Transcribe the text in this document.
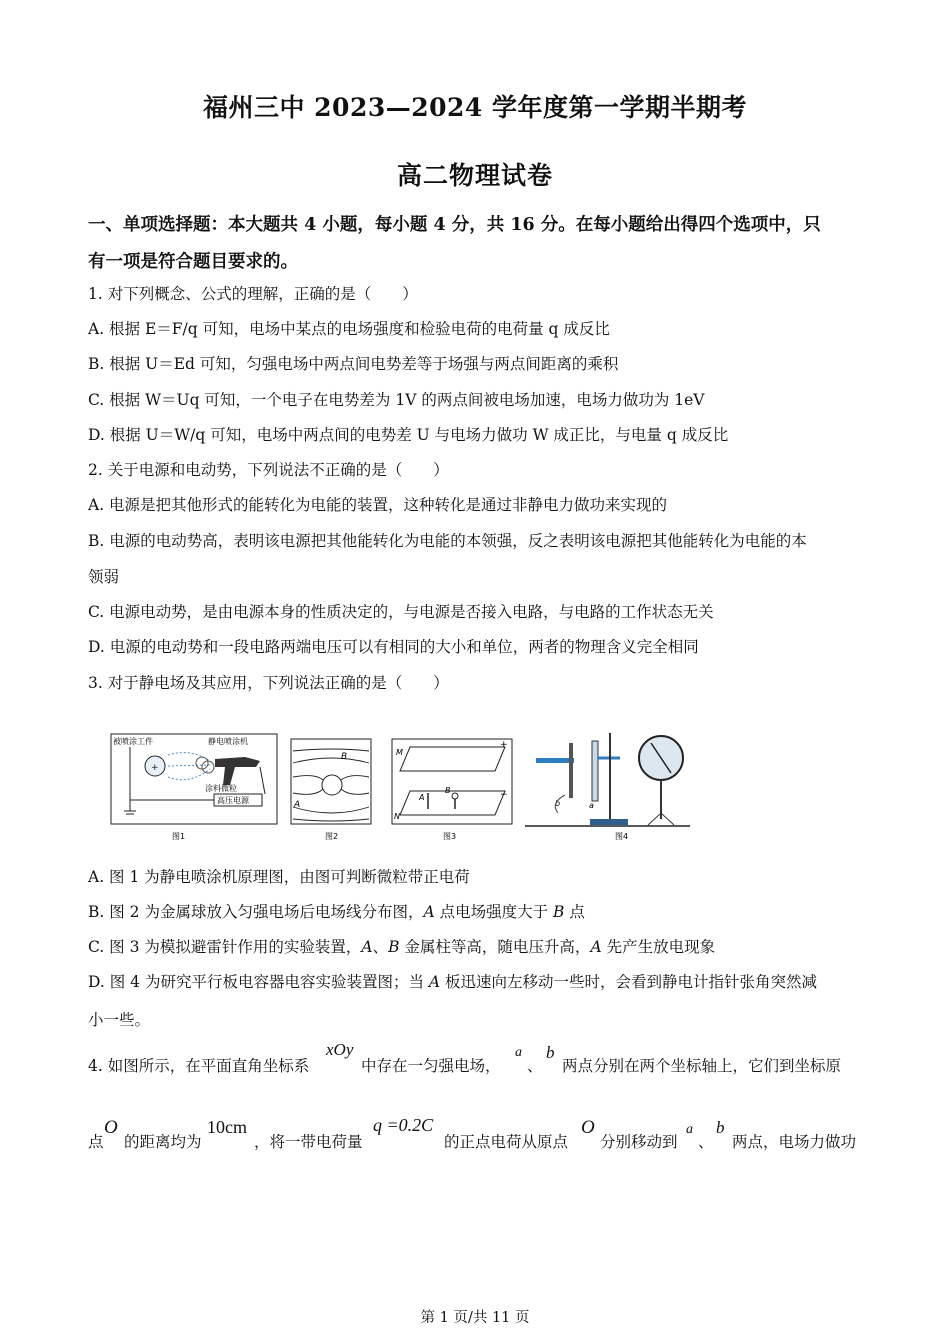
福州三中 2023—2024 学年度第一学期半期考
高二物理试卷
一、单项选择题：本大题共 4 小题，每小题 4 分，共 16 分。在每小题给出得四个选项中，只
有一项是符合题目要求的。
1. 对下列概念、公式的理解，正确的是（　　）
A. 根据 E＝F/q 可知，电场中某点的电场强度和检验电荷的电荷量 q 成反比
B. 根据 U＝Ed 可知，匀强电场中两点间电势差等于场强与两点间距离的乘积
C. 根据 W＝Uq 可知，一个电子在电势差为 1V 的两点间被电场加速，电场力做功为 1eV
D. 根据 U＝W/q 可知，电场中两点间的电势差 U 与电场力做功 W 成正比，与电量 q 成反比
2. 关于电源和电动势，下列说法不正确的是（　　）
A. 电源是把其他形式的能转化为电能的装置，这种转化是通过非静电力做功来实现的
B. 电源的电动势高，表明该电源把其他能转化为电能的本领强，反之表明该电源把其他能转化为电能的本
领弱
C. 电源电动势，是由电源本身的性质决定的，与电源是否接入电路，与电路的工作状态无关
D. 电源的电动势和一段电路两端电压可以有相同的大小和单位，两者的物理含义完全相同
3. 对于静电场及其应用，下列说法正确的是（　　）
被喷涂工件	静电喷涂机
+
涂料微粒
高压电源
图1
B
A
图2
M
N
A
B
+
−
图3
b	a
图4
A. 图 1 为静电喷涂机原理图，由图可判断微粒带正电荷
B. 图 2 为金属球放入匀强电场后电场线分布图，A 点电场强度大于 B 点
C. 图 3 为模拟避雷针作用的实验装置，A、B 金属柱等高，随电压升高，A 先产生放电现象
D. 图 4 为研究平行板电容器电容实验装置图；当 A 板迅速向左移动一些时，会看到静电计指针张角突然减
小一些。
4. 如图所示，在平面直角坐标系
xOy
中存在一匀强电场，
a
、
b
两点分别在两个坐标轴上，它们到坐标原
点
O
的距离均为
10cm
，将一带电荷量
q =0.2C
的正点电荷从原点
O
分别移动到
a
、
b
两点，电场力做功
第 1 页/共 11 页
